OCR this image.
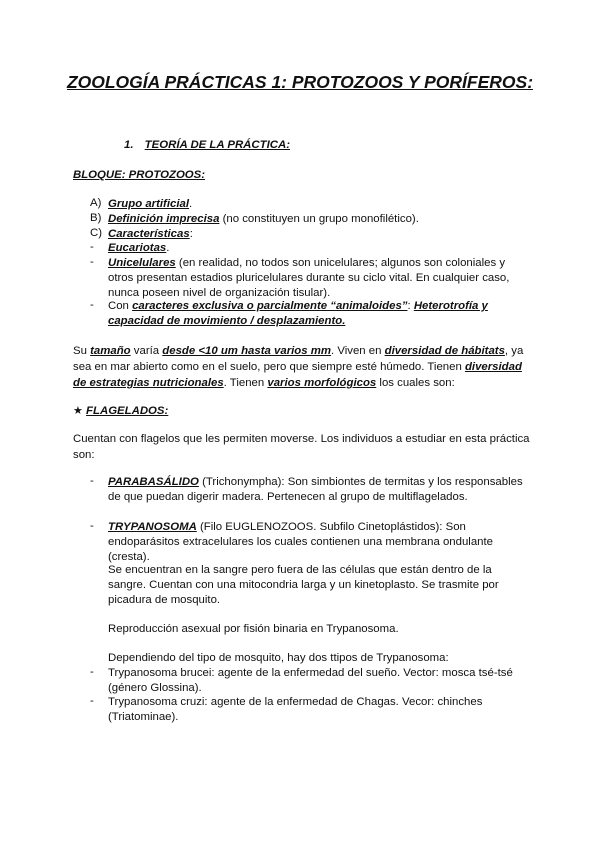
ZOOLOGÍA PRÁCTICAS 1: PROTOZOOS Y PORÍFEROS:
1. TEORÍA DE LA PRÁCTICA:
BLOQUE: PROTOZOOS:
A) Grupo artificial.
B) Definición imprecisa (no constituyen un grupo monofilético).
C) Características:
- Eucariotas.
- Unicelulares (en realidad, no todos son unicelulares; algunos son coloniales y otros presentan estadios pluricelulares durante su ciclo vital. En cualquier caso, nunca poseen nivel de organización tisular).
- Con caracteres exclusiva o parcialmente “animaloides”: Heterotrofía y capacidad de movimiento / desplazamiento.
Su tamaño varía desde <10 um hasta varios mm. Viven en diversidad de hábitats, ya sea en mar abierto como en el suelo, pero que siempre esté húmedo. Tienen diversidad de estrategias nutricionales. Tienen varios morfológicos los cuales son:
★ FLAGELADOS:
Cuentan con flagelos que les permiten moverse. Los individuos a estudiar en esta práctica son:
- PARABASÁLIDO (Trichonympha): Son simbiontes de termitas y los responsables de que puedan digerir madera. Pertenecen al grupo de multiflagelados.
- TRYPANOSOMA (Filo EUGLENOZOOS. Subfilo Cinetoplástidos): Son endoparásitos extracelulares los cuales contienen una membrana ondulante (cresta).
Se encuentran en la sangre pero fuera de las células que están dentro de la sangre. Cuentan con una mitocondria larga y un kinetoplasto. Se trasmite por picadura de mosquito.
Reproducción asexual por fisión binaria en Trypanosoma.
Dependiendo del tipo de mosquito, hay dos ttipos de Trypanosoma:
- Trypanosoma brucei: agente de la enfermedad del sueño. Vector: mosca tsé-tsé (género Glossina).
- Trypanosoma cruzi: agente de la enfermedad de Chagas. Vecor: chinches (Triatominae).
